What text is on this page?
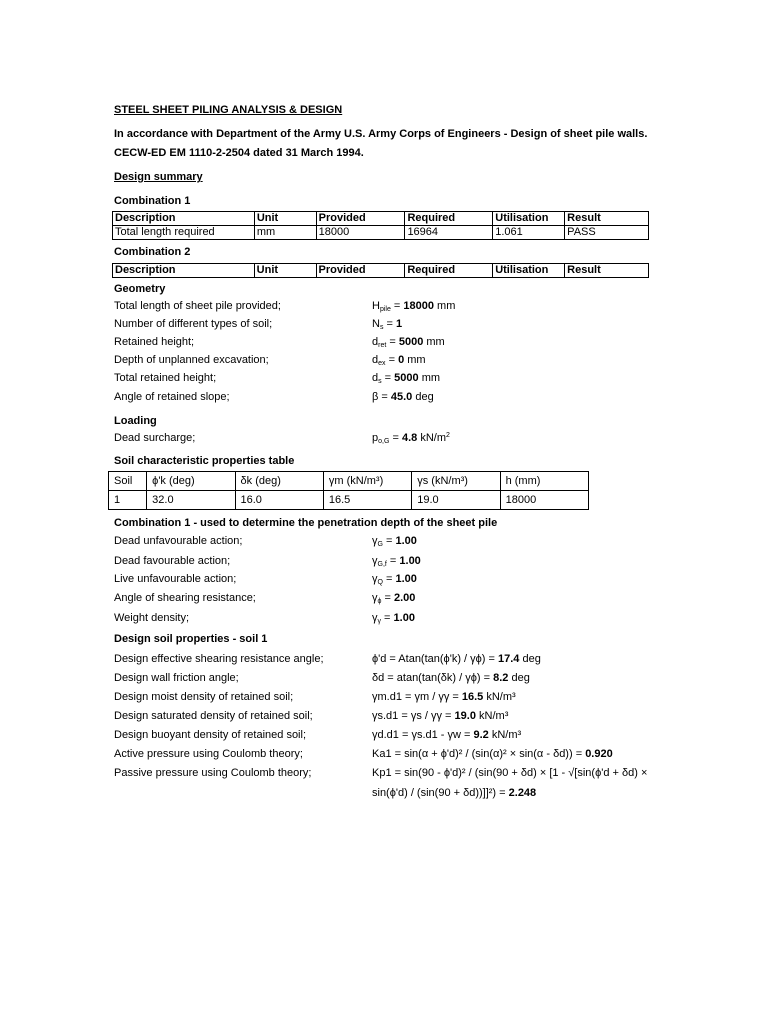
STEEL SHEET PILING ANALYSIS & DESIGN
In accordance with Department of the Army U.S. Army Corps of Engineers - Design of sheet pile walls.
CECW-ED EM 1110-2-2504 dated 31 March 1994.
Design summary
Combination 1
Description	Unit	Provided	Required	Utilisation	Result
Total length required	mm	18000	16964	1.061	PASS
Combination 2
Description	Unit	Provided	Required	Utilisation	Result
Geometry
Total length of sheet pile provided;	$H_{pile} = 18000$ mm
Number of different types of soil;	$N_s = 1$
Retained height;	$d_{ret} = 5000$ mm
Depth of unplanned excavation;	$d_{ex} = 0$ mm
Total retained height;	$d_s = 5000$ mm
Angle of retained slope;	β = 45.0 deg
Loading
Dead surcharge;	$p_{o,G} = 4.8$ $kN/m^2$
Soil characteristic properties table
Soil	ϕ'k (deg)	δk (deg)	γm (kN/m³)	γs (kN/m³)	h (mm)
1	32.0	16.0	16.5	19.0	18000
Combination 1 - used to determine the penetration depth of the sheet pile
Dead unfavourable action;	$\gamma_G = 1.00$
Dead favourable action;	$\gamma_{G,f} = 1.00$
Live unfavourable action;	$\gamma_Q = 1.00$
Angle of shearing resistance;	$\gamma_\phi = 2.00$
Weight density;	$\gamma_\gamma = 1.00$
Design soil properties - soil 1
Design effective shearing resistance angle;	ϕ'd = Atan(tan(ϕ'k) / γϕ) = 17.4 deg
Design wall friction angle;	δd = atan(tan(δk) / γϕ) = 8.2 deg
Design moist density of retained soil;	γm.d1 = γm / γγ = 16.5 kN/m³
Design saturated density of retained soil;	γs.d1 = γs / γγ = 19.0 kN/m³
Design buoyant density of retained soil;	γd.d1 = γs.d1 - γw = 9.2 kN/m³
Active pressure using Coulomb theory;	Ka1 = sin(α + ϕ'd)² / (sin(α)² × sin(α - δd)) = 0.920
Passive pressure using Coulomb theory;	Kp1 = sin(90 - ϕ'd)² / (sin(90 + δd) × [1 - √[sin(ϕ'd + δd) ×
sin(ϕ'd) / (sin(90 + δd))]]²) = 2.248
